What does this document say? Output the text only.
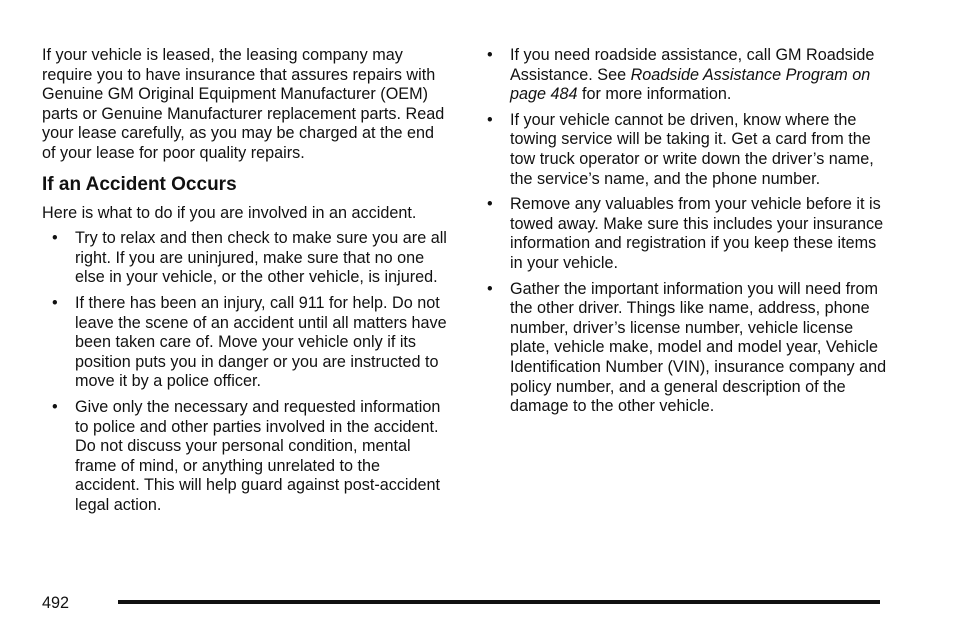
If your vehicle is leased, the leasing company may require you to have insurance that assures repairs with Genuine GM Original Equipment Manufacturer (OEM) parts or Genuine Manufacturer replacement parts. Read your lease carefully, as you may be charged at the end of your lease for poor quality repairs.

If an Accident Occurs

Here is what to do if you are involved in an accident.

• Try to relax and then check to make sure you are all right. If you are uninjured, make sure that no one else in your vehicle, or the other vehicle, is injured.
• If there has been an injury, call 911 for help. Do not leave the scene of an accident until all matters have been taken care of. Move your vehicle only if its position puts you in danger or you are instructed to move it by a police officer.
• Give only the necessary and requested information to police and other parties involved in the accident. Do not discuss your personal condition, mental frame of mind, or anything unrelated to the accident. This will help guard against post-accident legal action.
• If you need roadside assistance, call GM Roadside Assistance. See Roadside Assistance Program on page 484 for more information.
• If your vehicle cannot be driven, know where the towing service will be taking it. Get a card from the tow truck operator or write down the driver’s name, the service’s name, and the phone number.
• Remove any valuables from your vehicle before it is towed away. Make sure this includes your insurance information and registration if you keep these items in your vehicle.
• Gather the important information you will need from the other driver. Things like name, address, phone number, driver’s license number, vehicle license plate, vehicle make, model and model year, Vehicle Identification Number (VIN), insurance company and policy number, and a general description of the damage to the other vehicle.
492
